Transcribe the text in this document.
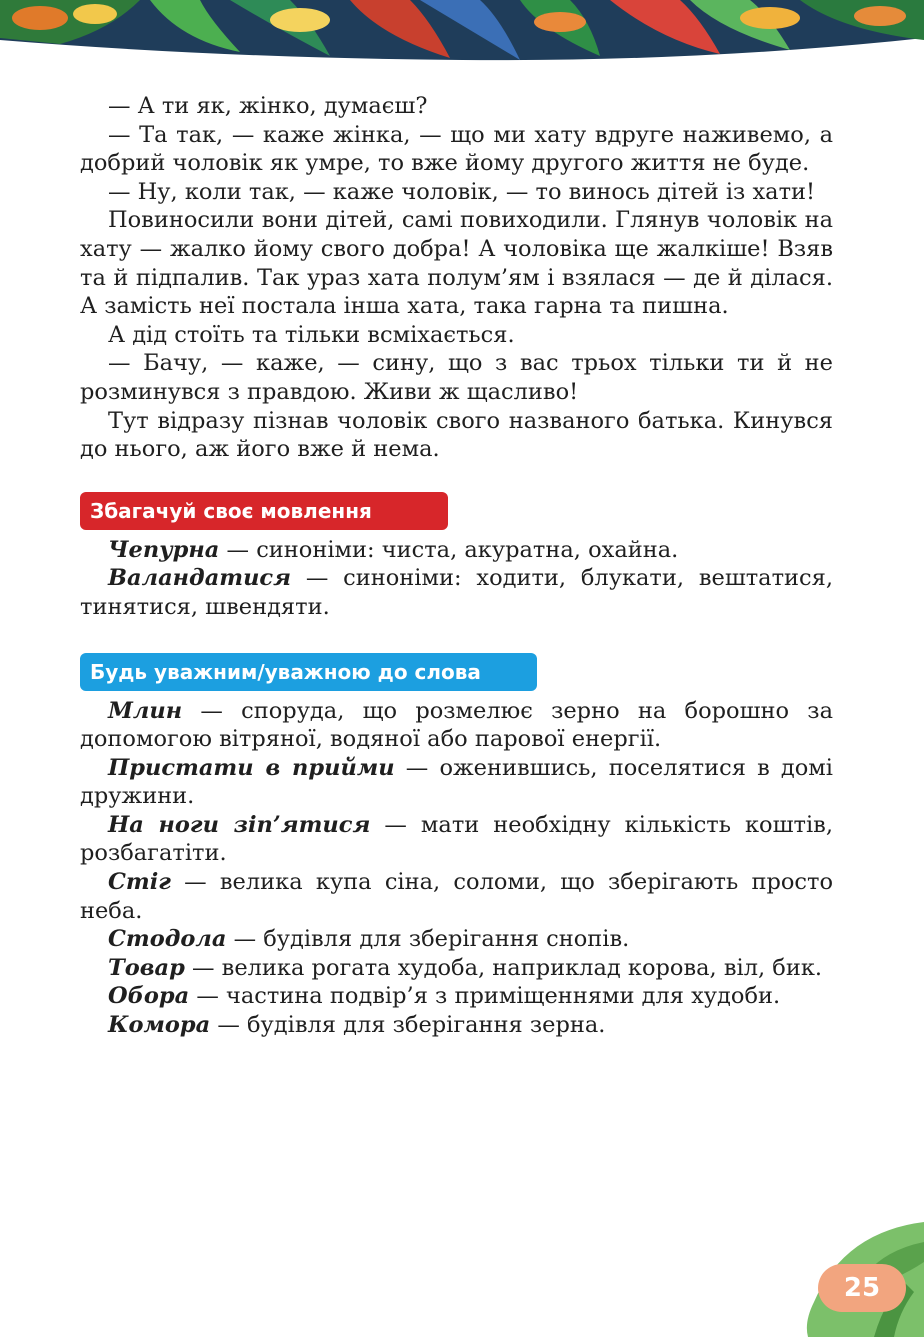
— А ти як, жінко, думаєш?

— Та так, — каже жінка, — що ми хату вдруге наживемо, а добрий чоловік як умре, то вже йому другого життя не буде.

— Ну, коли так, — каже чоловік, — то винось дітей із хати!

Повиносили вони дітей, самі повиходили. Глянув чоловік на хату — жалко йому свого добра! А чоловіка ще жалкіше! Взяв та й підпалив. Так ураз хата полум’ям і взялася — де й ділася. А замість неї постала інша хата, така гарна та пишна.

А дід стоїть та тільки всміхається.

— Бачу, — каже, — сину, що з вас трьох тільки ти й не розминувся з правдою. Живи ж щасливо!

Тут відразу пізнав чоловік свого названого батька. Кинувся до нього, аж його вже й нема.

Збагачуй своє мовлення

Чепурна — синоніми: чиста, акуратна, охайна.

Валандатися — синоніми: ходити, блукати, вештатися, тинятися, швендяти.

Будь уважним/уважною до слова

Млин — споруда, що розмелює зерно на борошно за допомогою вітряної, водяної або парової енергії.

Пристати в прийми — оженившись, поселятися в домі дружини.

На ноги зіп’ятися — мати необхідну кількість коштів, розбагатіти.

Стіг — велика купа сіна, соломи, що зберігають просто неба.

Стодола — будівля для зберігання снопів.

Товар — велика рогата худоба, наприклад корова, віл, бик.

Обора — частина подвір’я з приміщеннями для худоби.

Комора — будівля для зберігання зерна.

25
